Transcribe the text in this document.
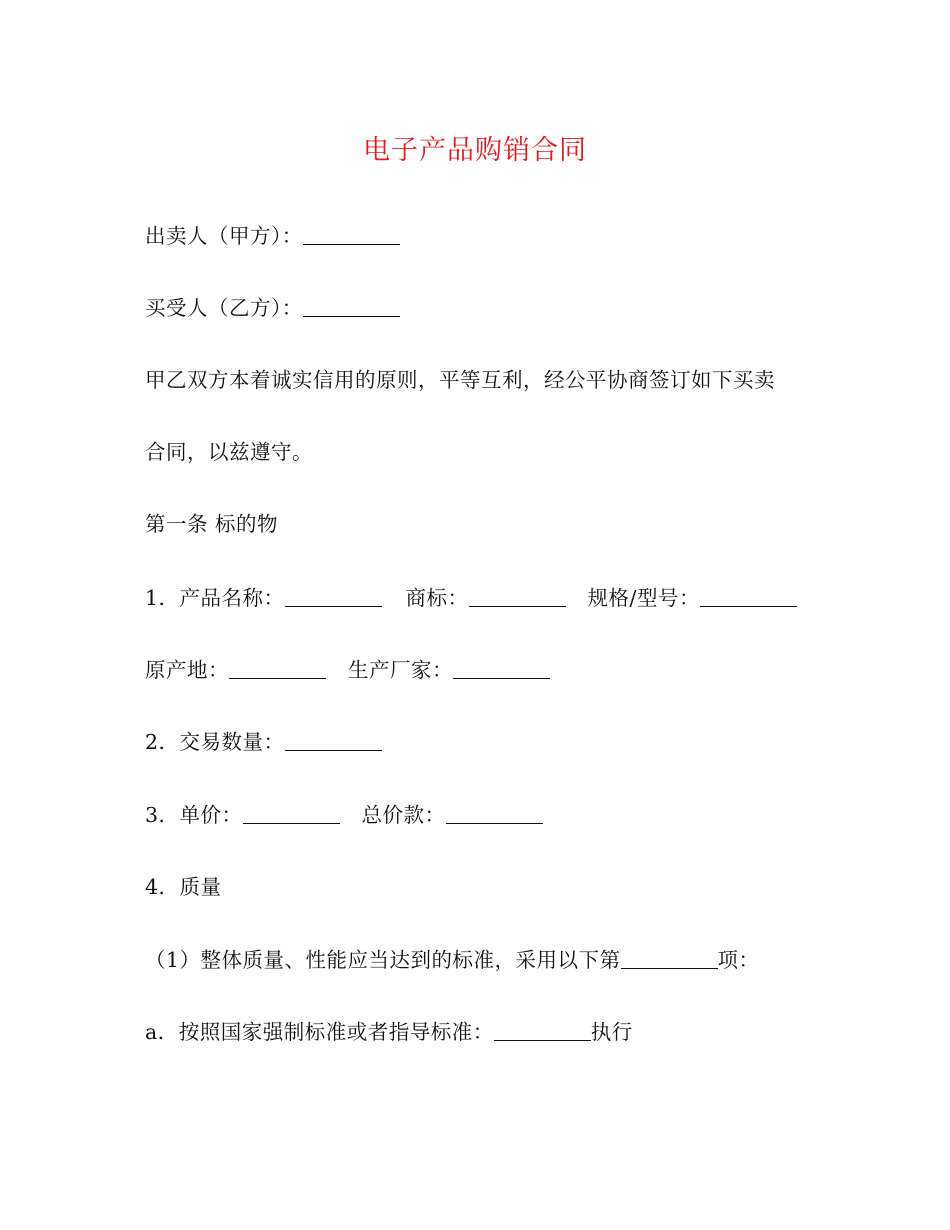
电子产品购销合同
出卖人（甲方）：
买受人（乙方）：
甲乙双方本着诚实信用的原则，平等互利，经公平协商签订如下买卖
合同，以兹遵守。
第一条 标的物
1．产品名称：	商标：	规格/型号：
原产地：	生产厂家：
2．交易数量：
3．单价：	总价款：
4．质量
（1）整体质量、性能应当达到的标准，采用以下第	项：
a．按照国家强制标准或者指导标准：	执行
